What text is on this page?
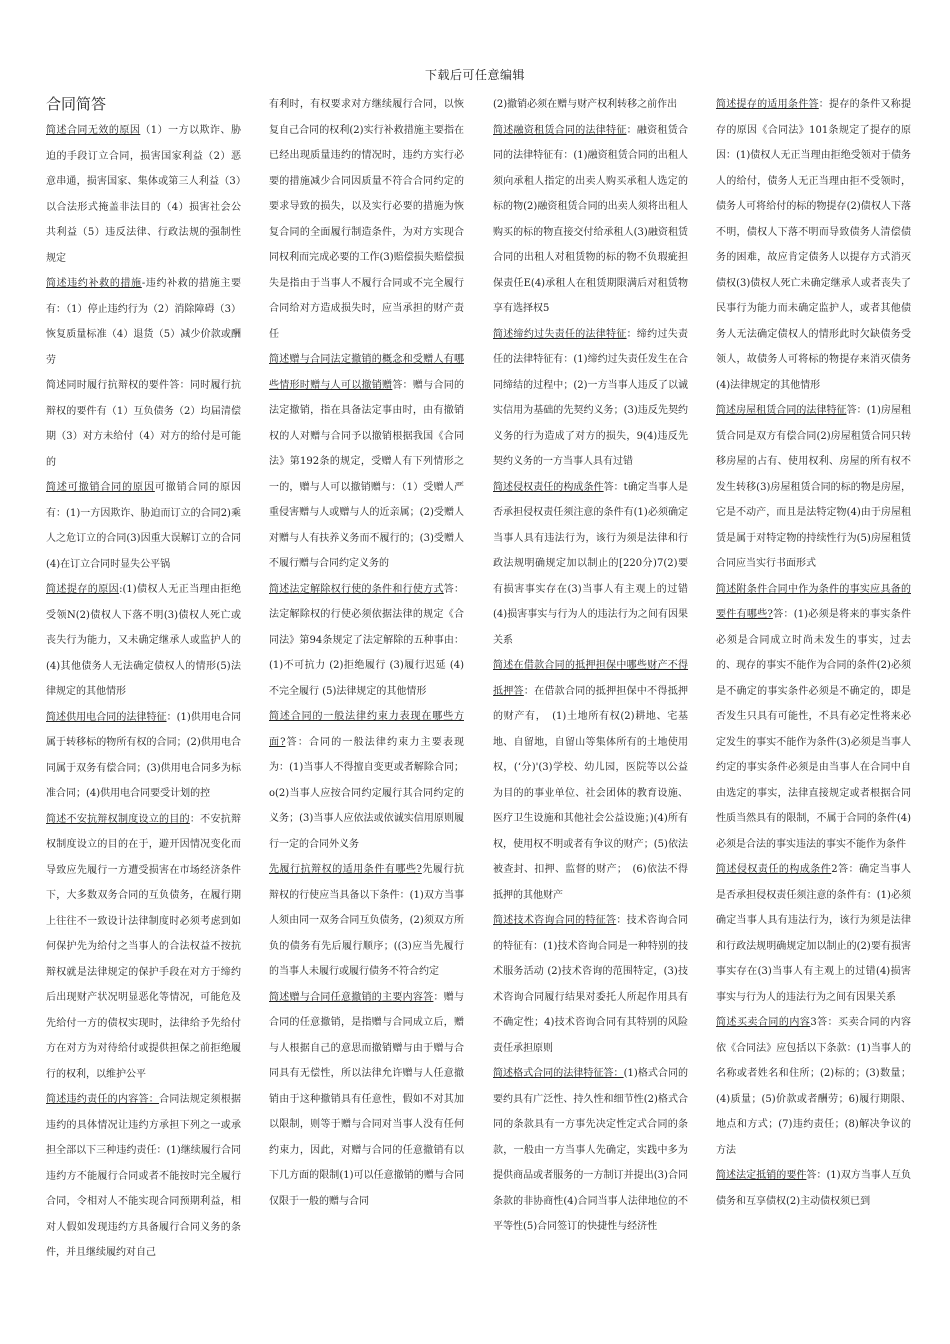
下载后可任意编辑
合同简答

简述合同无效的原因（1）一方以欺诈、胁迫的手段订立合同，损害国家利益（2）恶意串通，损害国家、集体或第三人利益（3）以合法形式掩盖非法目的（4）损害社会公共利益（5）违反法律、行政法规的强制性规定

简述违约补救的措施-违约补救的措施主要有：（1）停止违约行为（2）消除障碍（3）恢复质量标准（4）退货（5）减少价款或酬劳

简述同时履行抗辩权的要件答：同时履行抗辩权的要件有（1）互负债务（2）均届清偿期（3）对方未给付（4）对方的给付是可能的

简述可撤销合同的原因可撤销合同的原因有：(1)一方因欺诈、胁迫而订立的合同2)乘人之危订立的合同(3)因重大误解订立的合同(4)在订立合同时显失公平锅

简述提存的原因:(1)债权人无正当理由拒绝受领N(2)债权人下落不明(3)债权人死亡或丧失行为能力，又未确定继承人或监护人的(4)其他债务人无法确定债权人的情形(5)法律规定的其他情形

简述供用电合同的法律特征：(1)供用电合同属于转移标的物所有权的合同；(2)供用电合同属于双务有偿合同；(3)供用电合同多为标准合同；(4)供用电合同要受计划的控

简述不安抗辩权制度设立的目的：不安抗辩权制度设立的目的在于，避开因情况变化而导致应先履行一方遭受损害在市场经济条件下，大多数双务合同的互负债务，在履行期上往往不一致设计法律制度时必须考虑到如何保护先为给付之当事人的合法权益不按抗辩权就是法律规定的保护手段在对方于缔约后出现财产状况明显恶化等情况，可能危及先给付一方的债权实现时，法律给予先给付方在对方为对待给付或提供担保之前拒绝履行的权利，以维护公平

简述违约责任的内容答：合同法规定须根据违约的具体情况让违约方承担下列之一或承担全部以下三种违约责任：(1)继续履行合同违约方不能履行合同或者不能按时完全履行合同，令相对人不能实现合同预期利益，相对人假如发现违约方具备履行合同义务的条件，并且继续履约对自己

有利时，有权要求对方继续履行合同，以恢复自己合同的权利(2)实行补救措施主要指在已经出现质量违约的情况时，违约方实行必要的措施减少合同因质量不符合合同约定的要求导致的损失，以及实行必要的措施为恢复合同的全面履行制造条件，为对方实现合同权利而完成必要的工作(3)赔偿损失赔偿损失是指由于当事人不履行合同或不完全履行合同给对方造成损失时，应当承担的财产责任

简述赠与合同法定撤销的概念和受赠人有哪些情形时赠与人可以撤销赠答：赠与合同的法定撤销，指在具备法定事由时，由有撤销权的人对赠与合同予以撤销根据我国《合同法》第192条的规定，受赠人有下列情形之一的，赠与人可以撤销赠与：（1）受赠人严重侵害赠与人或赠与人的近亲属；(2)受赠人对赠与人有扶养义务而不履行的；(3)受赠人不履行赠与合同约定义务的

简述法定解除权行使的条件和行使方式答：法定解除权的行使必须依据法律的规定《合同法》第94条规定了法定解除的五种事由：(1)不可抗力 (2)拒绝履行 (3)履行迟延 (4)不完全履行 (5)法律规定的其他情形

简述合同的一般法律约束力表现在哪些方面?答：合同的一般法律约束力主要表现为：(1)当事人不得擅自变更或者解除合同；o(2)当事人应按合同约定履行其合同约定的义务；(3)当事人应依法或依诚实信用原则履行一定的合同外义务

先履行抗辩权的适用条件有哪些?先履行抗辩权的行使应当具备以下条件：(1)双方当事人须由同一双务合同互负债务，(2)须双方所负的债务有先后履行顺序；((3)应当先履行的当事人未履行或履行债务不符合约定

简述赠与合同任意撤销的主要内容答：赠与合同的任意撤销，是指赠与合同成立后，赠与人根据自己的意思而撤销赠与由于赠与合同具有无偿性，所以法律允许赠与人任意撤销由于这种撤销具有任意性，假如不对其加以限制，则等于赠与合同对当事人没有任何约束力，因此，对赠与合同的任意撤销有以下几方面的限制(1)可以任意撤销的赠与合同仅限于一般的赠与合同

(2)撤销必须在赠与财产权利转移之前作出

简述融资租赁合同的法律特征：融资租赁合同的法律特征有：(1)融资租赁合同的出租人须向承租人指定的出卖人购买承租人选定的标的物(2)融资租赁合同的出卖人须将出租人购买的标的物直接交付给承租人(3)融资租赁合同的出租人对租赁物的标的物不负瑕疵担保责任E(4)承租人在租赁期限满后对租赁物享有选择权5

简述缔约过失责任的法律特征：缔约过失责任的法律特征有：(1)缔约过失责任发生在合同缔结的过程中；(2)一方当事人违反了以诚实信用为基础的先契约义务；(3)违反先契约义务的行为造成了对方的损失，9(4)违反先契约义务的一方当事人具有过错

简述侵权责任的构成条件答：t确定当事人是否承担侵权责任须注意的条件有(1)必须确定当事人具有违法行为，该行为须是法律和行政法规明确规定加以制止的[220分)7(2)要有损害事实存在(3)当事人有主观上的过错(4)损害事实与行为人的违法行为之间有因果关系

简述在借款合同的抵押担保中哪些财产不得抵押答：在借款合同的抵押担保中不得抵押的财产有，　(1)土地所有权(2)耕地、宅基地、自留地，自留山等集体所有的土地使用权，(‘分)'(3)学校、幼儿园，医院等以公益为目的的事业单位、社会团体的教育设施、医疗卫生设施和其他社会公益设施；)(4)所有权，使用权不明或者有争议的财产；(5)依法被查封、扣押、监督的财产；　(6)依法不得抵押的其他财产

简述技术咨询合同的特征答：技术咨询合同的特征有：(1)技术咨询合同是一种特别的技术服务活动 (2)技术咨询的范围特定，(3)技术咨询合同履行结果对委托人所起作用具有不确定性；4)技术咨询合同有其特别的风险责任承担原则

简述格式合同的法律特征答：(1)格式合同的要约具有广泛性、持久性和细节性(2)格式合同的条款具有一方事先决定性定式合同的条款，一般由一方当事人先确定，实践中多为提供商品或者服务的一方制订并提出(3)合同条款的非协商性(4)合同当事人法律地位的不平等性(5)合同签订的快捷性与经济性

简述提存的适用条件答：提存的条件又称提存的原因《合同法》101条规定了提存的原因：(1)债权人无正当理由拒绝受领对于债务人的给付，债务人无正当理由拒不受领时，债务人可将给付的标的物提存(2)债权人下落不明，债权人下落不明而导致债务人清偿债务的困难，故应肯定债务人以提存方式消灭债权(3)债权人死亡未确定继承人或者丧失了民事行为能力而未确定监护人，或者其他债务人无法确定债权人的情形此时欠缺债务受领人，故债务人可将标的物提存来消灭债务(4)法律规定的其他情形

简述房屋租赁合同的法律特征答：(1)房屋租赁合同是双方有偿合同(2)房屋租赁合同只转移房屋的占有、使用权利、房屋的所有权不发生转移(3)房屋租赁合同的标的物是房屋，它是不动产，而且是法特定物(4)由于房屋租赁是属于对特定物的持续性行为(5)房屋租赁合同应当实行书面形式

简述附条件合同中作为条件的事实应具备的要件有哪些?答：(1)必须是将来的事实条件必须是合同成立时尚未发生的事实，过去的、现存的事实不能作为合同的条件(2)必须是不确定的事实条件必须是不确定的，即是否发生只具有可能性，不具有必定性将来必定发生的事实不能作为条件(3)必须是当事人约定的事实条件必须是由当事人在合同中自由选定的事实，法律直接规定或者根据合同性质当然具有的限制，不属于合同的条件(4)必须是合法的事实违法的事实不能作为条件

简述侵权责任的构成条件2答：确定当事人是否承担侵权责任须注意的条件有：(1)必须确定当事人具有违法行为，该行为须是法律和行政法规明确规定加以制止的(2)要有损害事实存在(3)当事人有主观上的过错(4)损害事实与行为人的违法行为之间有因果关系

简述买卖合同的内容3答：买卖合同的内容依《合同法》应包括以下条款：(1)当事人的名称或者姓名和住所；(2)标的；(3)数量；(4)质量；(5)价款或者酬劳；6)履行期限、地点和方式；(7)违约责任；(8)解决争议的方法

简述法定抵销的要件答：(1)双方当事人互负债务和互享债权(2)主动债权须已到
